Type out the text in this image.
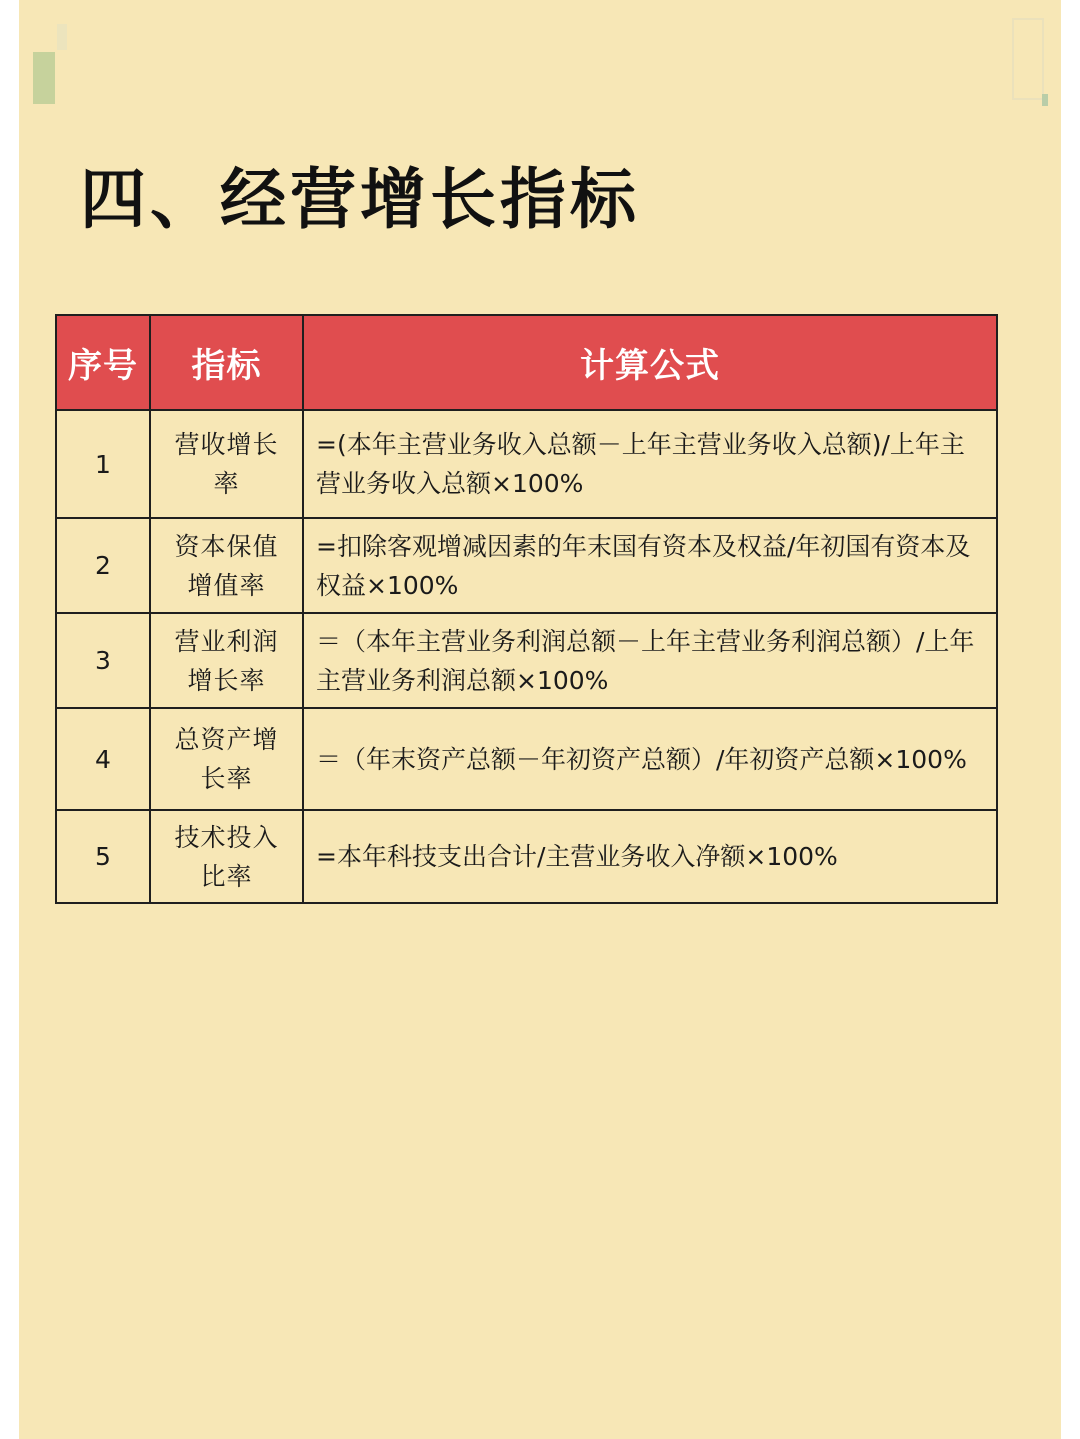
四、经营增长指标
序号	指标	计算公式
1	营收增长率	=(本年主营业务收入总额－上年主营业务收入总额)/上年主营业务收入总额×100%
2	资本保值增值率	=扣除客观增减因素的年末国有资本及权益/年初国有资本及权益×100%
3	营业利润增长率	＝（本年主营业务利润总额－上年主营业务利润总额）/上年主营业务利润总额×100%
4	总资产增长率	＝（年末资产总额－年初资产总额）/年初资产总额×100%
5	技术投入比率	=本年科技支出合计/主营业务收入净额×100%
